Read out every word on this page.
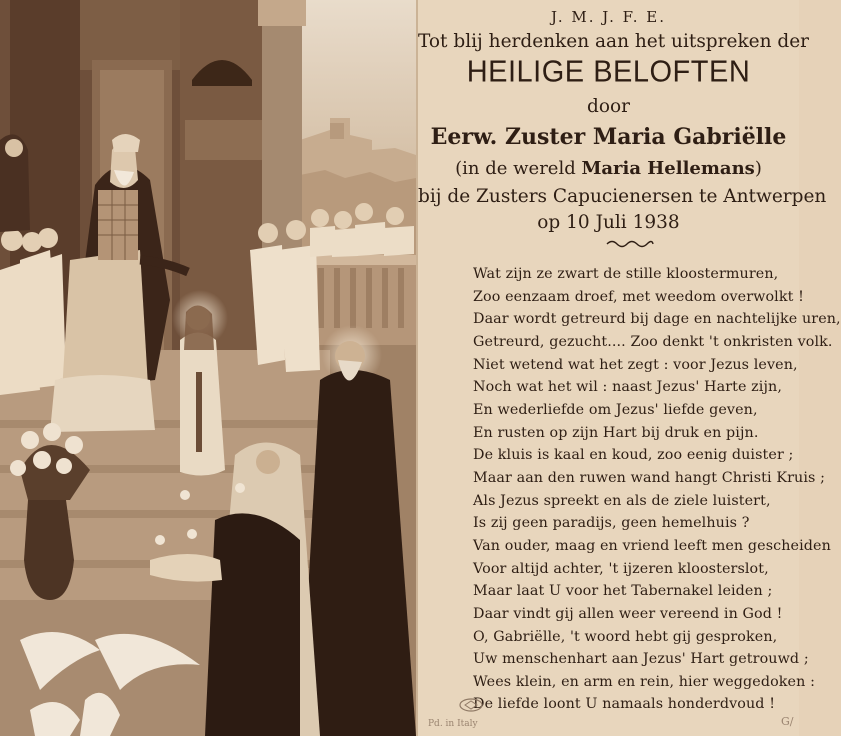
J. M. J. F. E.
Tot blij herdenken aan het uitspreken der
HEILIGE BELOFTEN
door
Eerw. Zuster Maria Gabriëlle
(in de wereld Maria Hellemans)
bij de Zusters Capucienersen te Antwerpen
op 10 Juli 1938
Wat zijn ze zwart de stille kloostermuren,
Zoo eenzaam droef, met weedom overwolkt !
Daar wordt getreurd bij dage en nachtelijke uren,
Getreurd, gezucht.... Zoo denkt 't onkristen volk.
Niet wetend wat het zegt : voor Jezus leven,
Noch wat het wil : naast Jezus' Harte zijn,
En wederliefde om Jezus' liefde geven,
En rusten op zijn Hart bij druk en pijn.
De kluis is kaal en koud, zoo eenig duister ;
Maar aan den ruwen wand hangt Christi Kruis ;
Als Jezus spreekt en als de ziele luistert,
Is zij geen paradijs, geen hemelhuis ?
Van ouder, maag en vriend leeft men gescheiden
Voor altijd achter, 't ijzeren kloosterslot,
Maar laat U voor het Tabernakel leiden ;
Daar vindt gij allen weer vereend in God !
O, Gabriëlle, 't woord hebt gij gesproken,
Uw menschenhart aan Jezus' Hart getrouwd ;
Wees klein, en arm en rein, hier weggedoken :
De liefde loont U namaals honderdvoud !
Pd. in Italy	G/
